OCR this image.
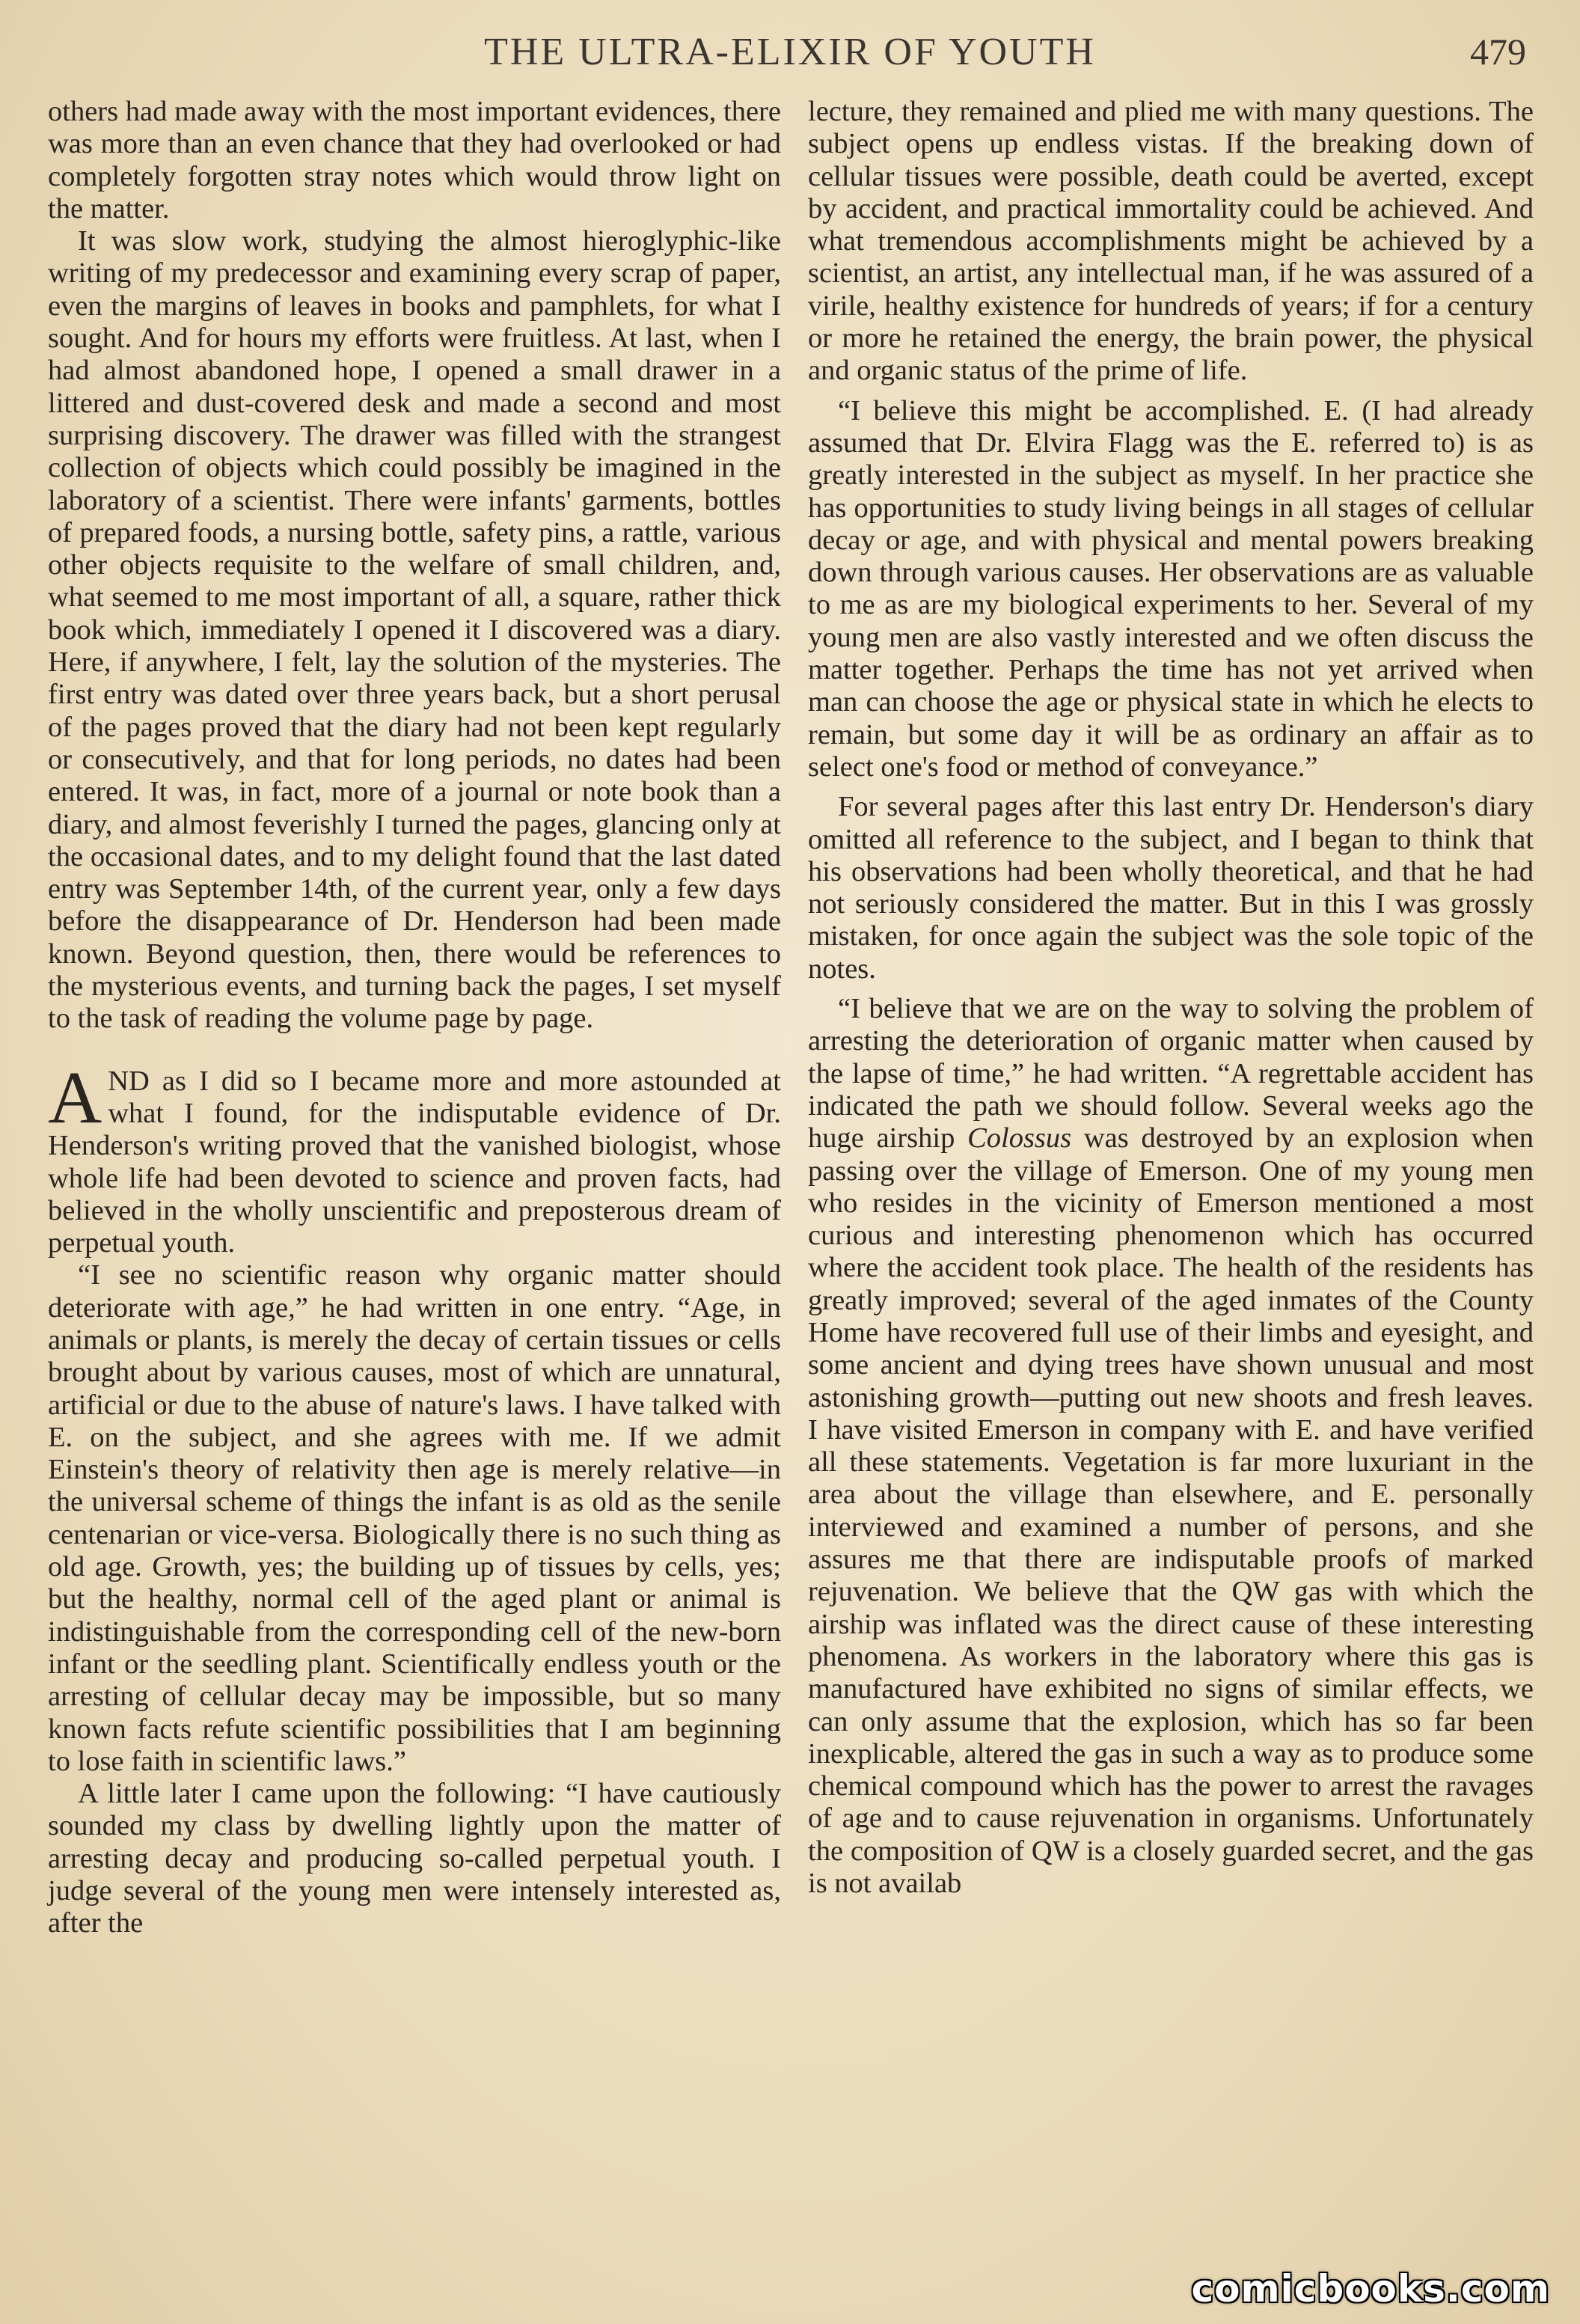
THE ULTRA-ELIXIR OF YOUTH	479

others had made away with the most important evidences, there was more than an even chance that they had overlooked or had completely forgotten stray notes which would throw light on the matter.

It was slow work, studying the almost hieroglyphic-like writing of my predecessor and examining every scrap of paper, even the margins of leaves in books and pamphlets, for what I sought. And for hours my efforts were fruitless. At last, when I had almost abandoned hope, I opened a small drawer in a littered and dust-covered desk and made a second and most surprising discovery. The drawer was filled with the strangest collection of objects which could possibly be imagined in the laboratory of a scientist. There were infants' garments, bottles of prepared foods, a nursing bottle, safety pins, a rattle, various other objects requisite to the welfare of small children, and, what seemed to me most important of all, a square, rather thick book which, immediately I opened it I discovered was a diary. Here, if anywhere, I felt, lay the solution of the mysteries. The first entry was dated over three years back, but a short perusal of the pages proved that the diary had not been kept regularly or consecutively, and that for long periods, no dates had been entered. It was, in fact, more of a journal or note book than a diary, and almost feverishly I turned the pages, glancing only at the occasional dates, and to my delight found that the last dated entry was September 14th, of the current year, only a few days before the disappearance of Dr. Henderson had been made known. Beyond question, then, there would be references to the mysterious events, and turning back the pages, I set myself to the task of reading the volume page by page.

AND as I did so I became more and more astounded at what I found, for the indisputable evidence of Dr. Henderson's writing proved that the vanished biologist, whose whole life had been devoted to science and proven facts, had believed in the wholly unscientific and preposterous dream of perpetual youth.

“I see no scientific reason why organic matter should deteriorate with age,” he had written in one entry. “Age, in animals or plants, is merely the decay of certain tissues or cells brought about by various causes, most of which are unnatural, artificial or due to the abuse of nature's laws. I have talked with E. on the subject, and she agrees with me. If we admit Einstein's theory of relativity then age is merely relative—in the universal scheme of things the infant is as old as the senile centenarian or vice-versa. Biologically there is no such thing as old age. Growth, yes; the building up of tissues by cells, yes; but the healthy, normal cell of the aged plant or animal is indistinguishable from the corresponding cell of the new-born infant or the seedling plant. Scientifically endless youth or the arresting of cellular decay may be impossible, but so many known facts refute scientific possibilities that I am beginning to lose faith in scientific laws.”

A little later I came upon the following: “I have cautiously sounded my class by dwelling lightly upon the matter of arresting decay and producing so-called perpetual youth. I judge several of the young men were intensely interested as, after the

lecture, they remained and plied me with many questions. The subject opens up endless vistas. If the breaking down of cellular tissues were possible, death could be averted, except by accident, and practical immortality could be achieved. And what tremendous accomplishments might be achieved by a scientist, an artist, any intellectual man, if he was assured of a virile, healthy existence for hundreds of years; if for a century or more he retained the energy, the brain power, the physical and organic status of the prime of life.

“I believe this might be accomplished. E. (I had already assumed that Dr. Elvira Flagg was the E. referred to) is as greatly interested in the subject as myself. In her practice she has opportunities to study living beings in all stages of cellular decay or age, and with physical and mental powers breaking down through various causes. Her observations are as valuable to me as are my biological experiments to her. Several of my young men are also vastly interested and we often discuss the matter together. Perhaps the time has not yet arrived when man can choose the age or physical state in which he elects to remain, but some day it will be as ordinary an affair as to select one's food or method of conveyance.”

For several pages after this last entry Dr. Henderson's diary omitted all reference to the subject, and I began to think that his observations had been wholly theoretical, and that he had not seriously considered the matter. But in this I was grossly mistaken, for once again the subject was the sole topic of the notes.

“I believe that we are on the way to solving the problem of arresting the deterioration of organic matter when caused by the lapse of time,” he had written. “A regrettable accident has indicated the path we should follow. Several weeks ago the huge airship Colossus was destroyed by an explosion when passing over the village of Emerson. One of my young men who resides in the vicinity of Emerson mentioned a most curious and interesting phenomenon which has occurred where the accident took place. The health of the residents has greatly improved; several of the aged inmates of the County Home have recovered full use of their limbs and eyesight, and some ancient and dying trees have shown unusual and most astonishing growth—putting out new shoots and fresh leaves. I have visited Emerson in company with E. and have verified all these statements. Vegetation is far more luxuriant in the area about the village than elsewhere, and E. personally interviewed and examined a number of persons, and she assures me that there are indisputable proofs of marked rejuvenation. We believe that the QW gas with which the airship was inflated was the direct cause of these interesting phenomena. As workers in the laboratory where this gas is manufactured have exhibited no signs of similar effects, we can only assume that the explosion, which has so far been inexplicable, altered the gas in such a way as to produce some chemical compound which has the power to arrest the ravages of age and to cause rejuvenation in organisms. Unfortunately the composition of QW is a closely guarded secret, and the gas is not availab

comicbooks.com
